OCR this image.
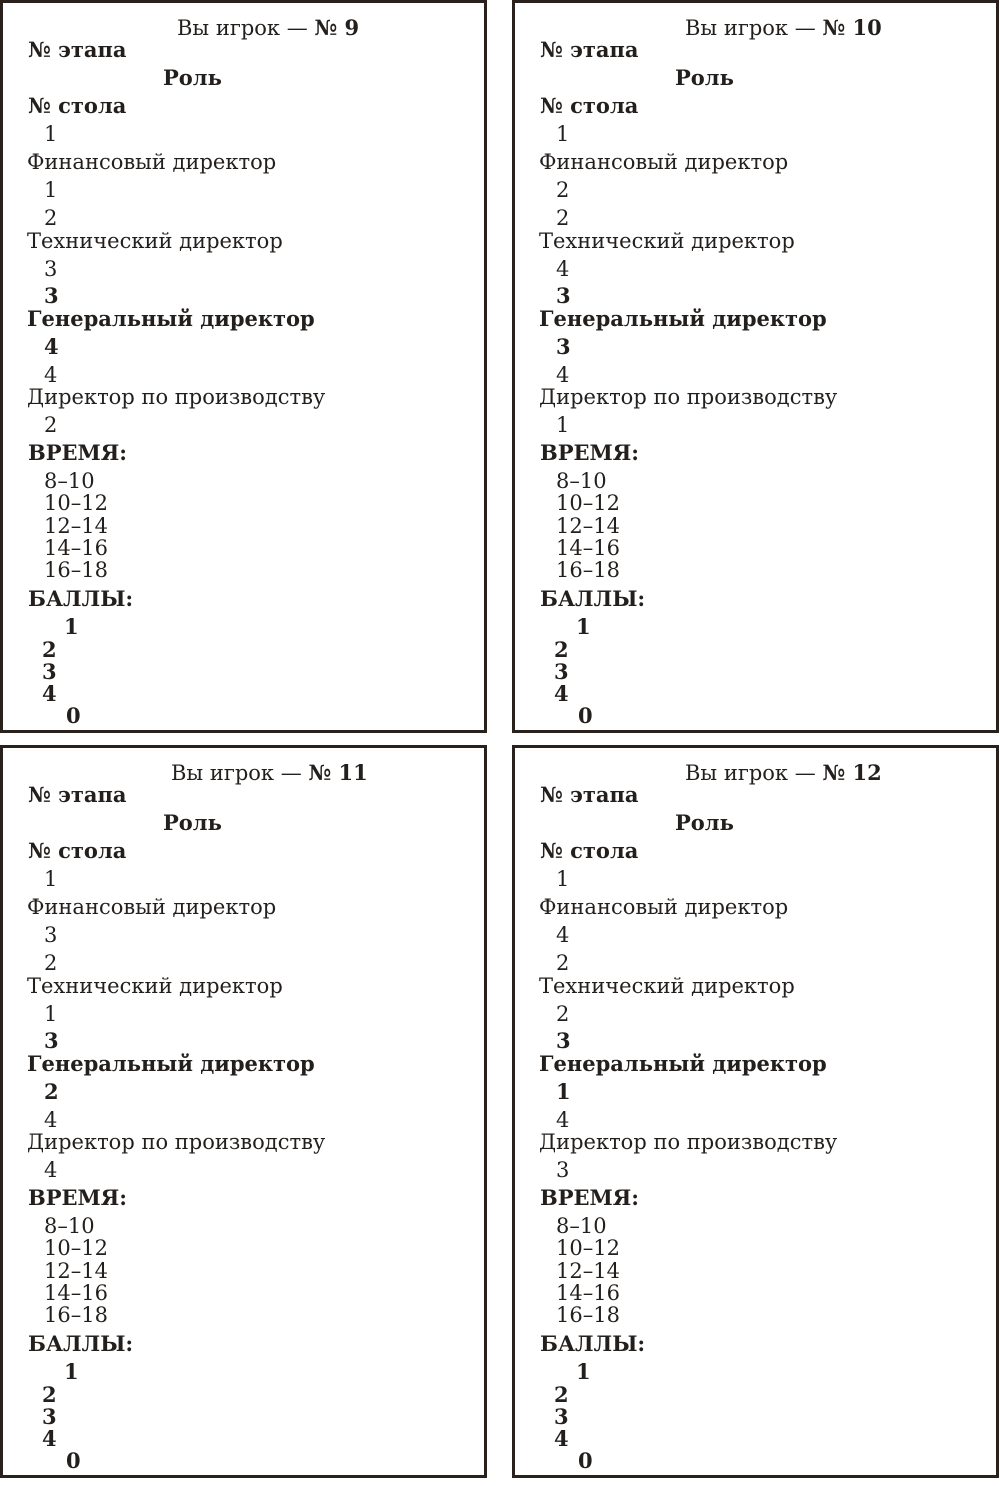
Вы игрок — № 9
№ этапа
Роль
№ стола
1
Финансовый директор
1
2
Технический директор
3
3
Генеральный директор
4
4
Директор по производству
2
ВРЕМЯ:
8–10
10–12
12–14
14–16
16–18
БАЛЛЫ:
1
2
3
4
0
Вы игрок — № 10
№ этапа
Роль
№ стола
1
Финансовый директор
2
2
Технический директор
4
3
Генеральный директор
3
4
Директор по производству
1
ВРЕМЯ:
8–10
10–12
12–14
14–16
16–18
БАЛЛЫ:
1
2
3
4
0
Вы игрок — № 11
№ этапа
Роль
№ стола
1
Финансовый директор
3
2
Технический директор
1
3
Генеральный директор
2
4
Директор по производству
4
ВРЕМЯ:
8–10
10–12
12–14
14–16
16–18
БАЛЛЫ:
1
2
3
4
0
Вы игрок — № 12
№ этапа
Роль
№ стола
1
Финансовый директор
4
2
Технический директор
2
3
Генеральный директор
1
4
Директор по производству
3
ВРЕМЯ:
8–10
10–12
12–14
14–16
16–18
БАЛЛЫ:
1
2
3
4
0
